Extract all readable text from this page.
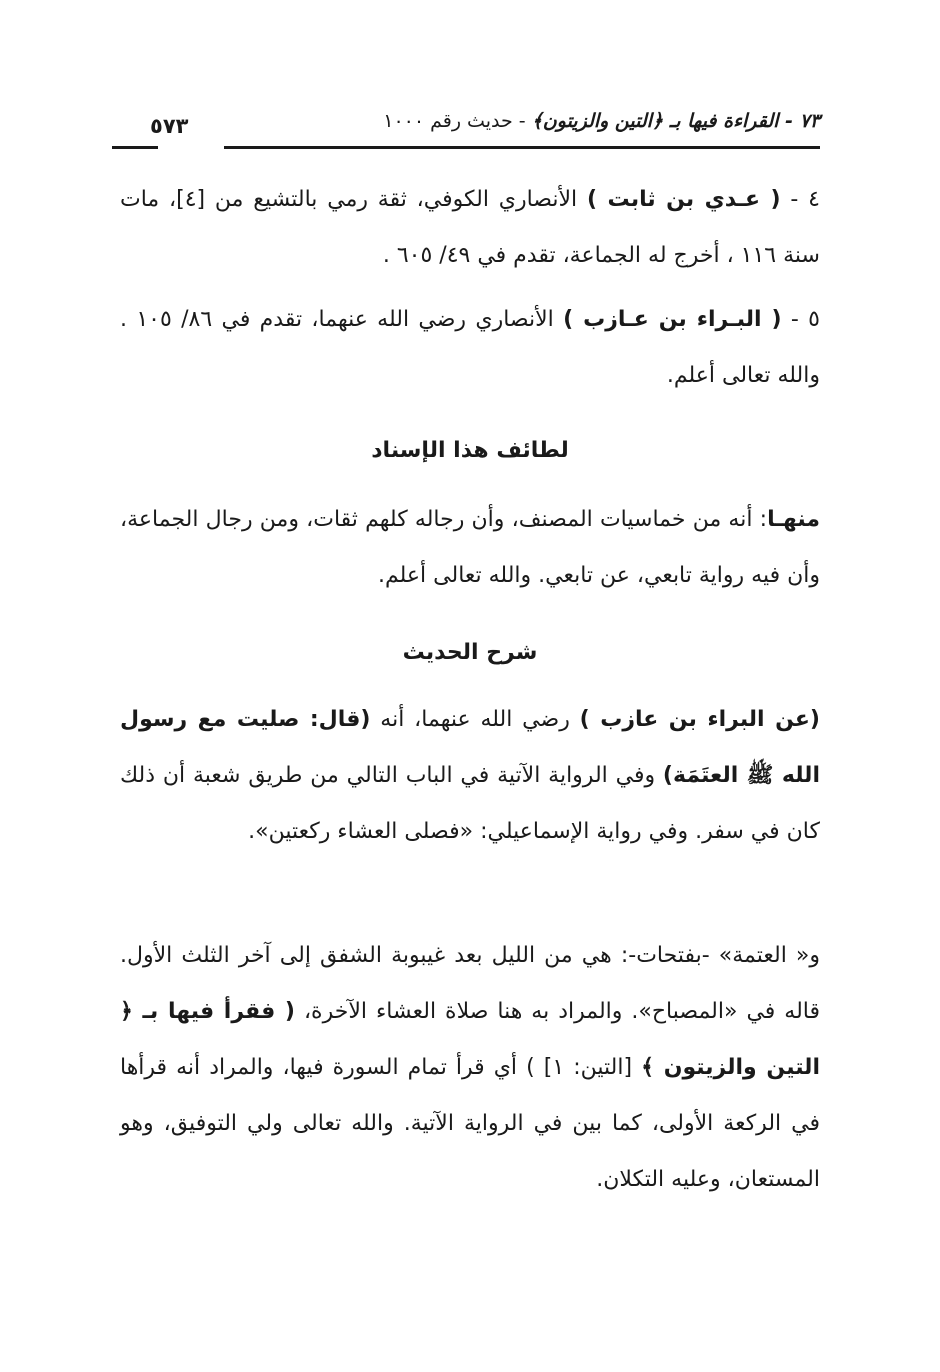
٧٣ - القراءة فيها بـ ﴿التين والزيتون﴾ - حديث رقم ١٠٠٠
٥٧٣
٤ - ( عـدي بن ثابت ) الأنصاري الكوفي، ثقة رمي بالتشيع من [٤]، مات سنة ١١٦ ، أخرج له الجماعة، تقدم في ٤٩/ ٦٠٥ .
٥ - ( البـراء بن عـازب ) الأنصاري رضي الله عنهما، تقدم في ٨٦/ ١٠٥ . والله تعالى أعلم.
لطائف هذا الإسناد
منهـا: أنه من خماسيات المصنف، وأن رجاله كلهم ثقات، ومن رجال الجماعة، وأن فيه رواية تابعي، عن تابعي. والله تعالى أعلم.
شرح الحديث
(عن البراء بن عازب ) رضي الله عنهما، أنه (قال: صليت مع رسول الله ﷺ العتَمَة) وفي الرواية الآتية في الباب التالي من طريق شعبة أن ذلك كان في سفر. وفي رواية الإسماعيلي: «فصلى العشاء ركعتين».
و« العتمة» -بفتحات-: هي من الليل بعد غيبوبة الشفق إلى آخر الثلث الأول. قاله في «المصباح». والمراد به هنا صلاة العشاء الآخرة، ( فقرأ فيها بـ ﴿ التين والزيتون ﴾ [التين: ١] ) أي قرأ تمام السورة فيها، والمراد أنه قرأها في الركعة الأولى، كما بين في الرواية الآتية. والله تعالى ولي التوفيق، وهو المستعان، وعليه التكلان.
